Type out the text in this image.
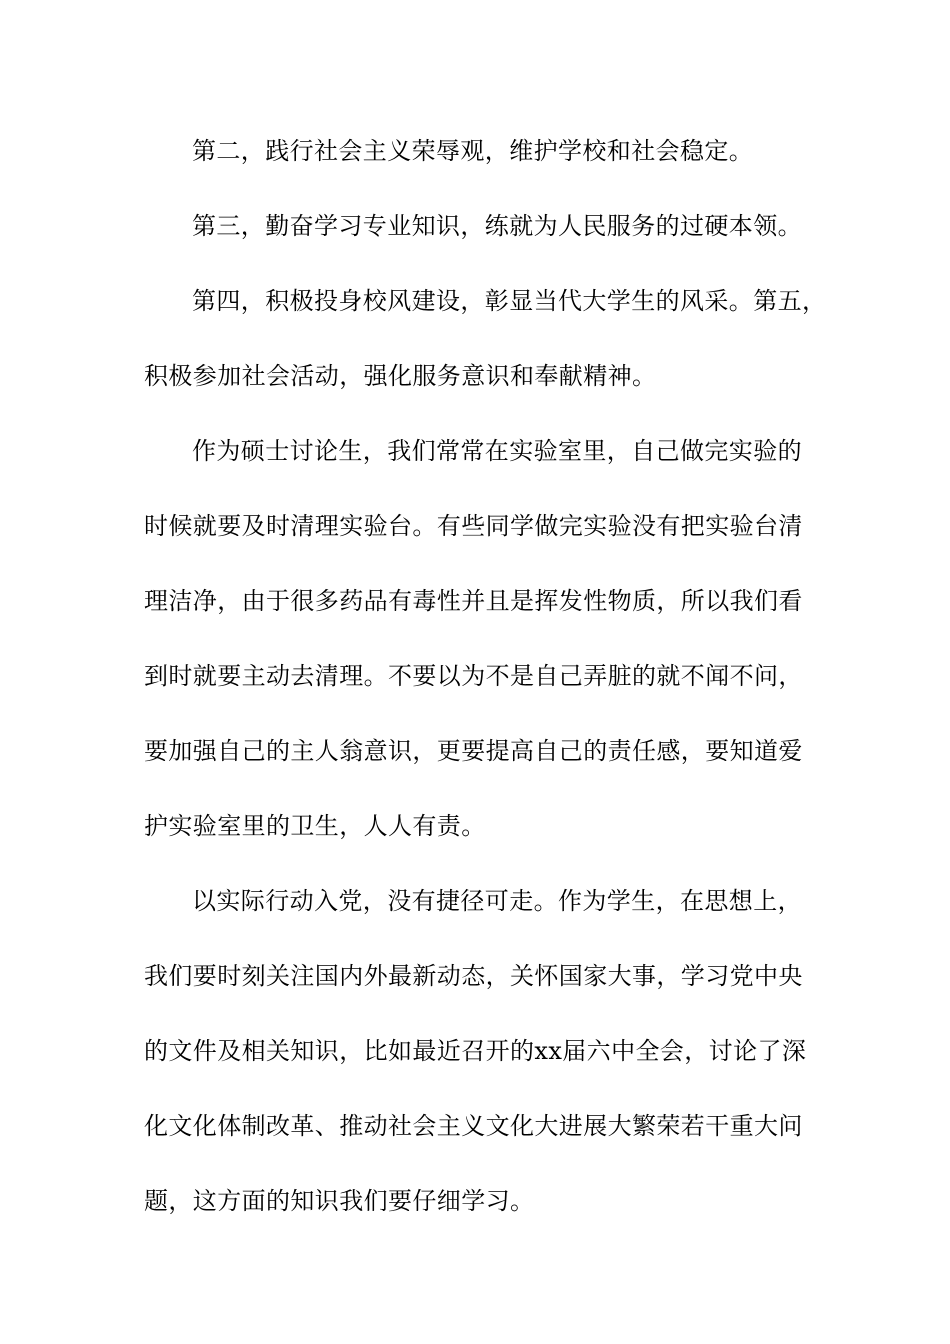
第二，践行社会主义荣辱观，维护学校和社会稳定。

第三，勤奋学习专业知识，练就为人民服务的过硬本领。

第四，积极投身校风建设，彰显当代大学生的风采。第五，

积极参加社会活动，强化服务意识和奉献精神。

作为硕士讨论生，我们常常在实验室里，自己做完实验的

时候就要及时清理实验台。有些同学做完实验没有把实验台清

理洁净，由于很多药品有毒性并且是挥发性物质，所以我们看

到时就要主动去清理。不要以为不是自己弄脏的就不闻不问，

要加强自己的主人翁意识，更要提高自己的责任感，要知道爱

护实验室里的卫生，人人有责。

以实际行动入党，没有捷径可走。作为学生，在思想上，

我们要时刻关注国内外最新动态，关怀国家大事，学习党中央

的文件及相关知识，比如最近召开的xx届六中全会，讨论了深

化文化体制改革、推动社会主义文化大进展大繁荣若干重大问

题，这方面的知识我们要仔细学习。
